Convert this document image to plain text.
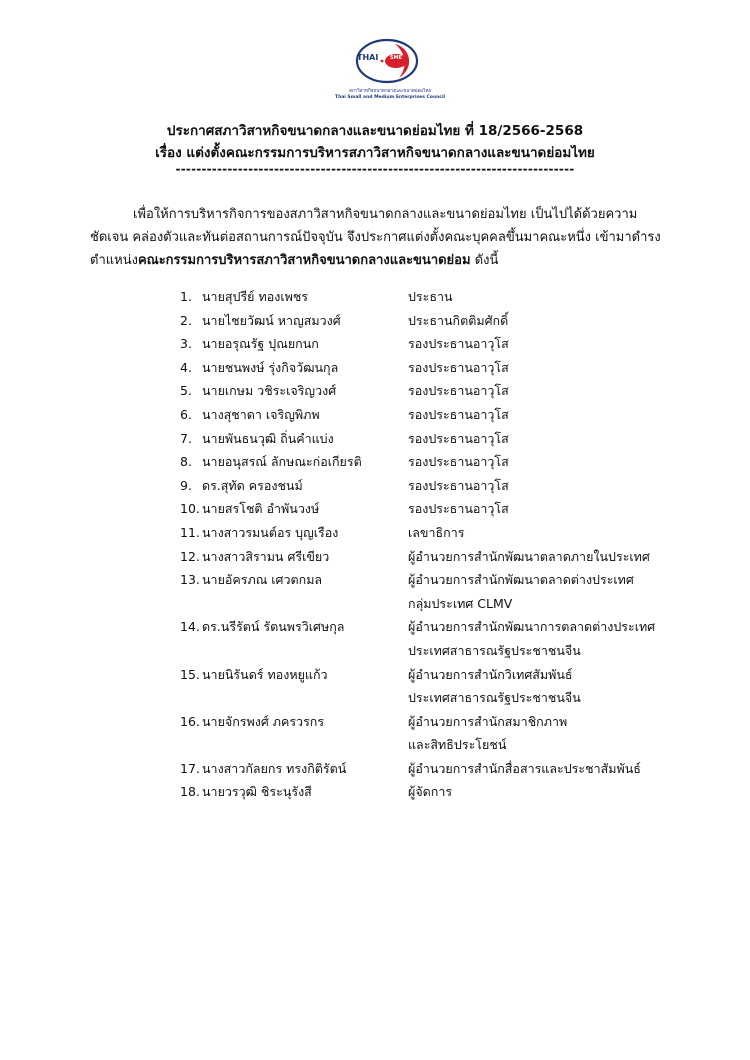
THAI SME
สภาวิสาหกิจขนาดกลางและขนาดย่อมไทย
Thai Small and Medium Enterprises Council
ประกาศสภาวิสาหกิจขนาดกลางและขนาดย่อมไทย ที่ 18/2566-2568
เรื่อง แต่งตั้งคณะกรรมการบริหารสภาวิสาหกิจขนาดกลางและขนาดย่อมไทย
-----------------------------------------------------------------------------
เพื่อให้การบริหารกิจการของสภาวิสาหกิจขนาดกลางและขนาดย่อมไทย เป็นไปได้ด้วยความ
ชัดเจน คล่องตัวและทันต่อสถานการณ์ปัจจุบัน จึงประกาศแต่งตั้งคณะบุคคลขึ้นมาคณะหนึ่ง เข้ามาดำรง
ตำแหน่งคณะกรรมการบริหารสภาวิสาหกิจขนาดกลางและขนาดย่อม ดังนี้
1. นายสุปรีย์ ทองเพชร	ประธาน
2. นายไชยวัฒน์ หาญสมวงศ์	ประธานกิตติมศักดิ์
3. นายอรุณรัฐ ปุณยกนก	รองประธานอาวุโส
4. นายชนพงษ์ รุ่งกิจวัฒนกุล	รองประธานอาวุโส
5. นายเกษม วชิระเจริญวงศ์	รองประธานอาวุโส
6. นางสุชาดา เจริญพิภพ	รองประธานอาวุโส
7. นายพันธนวุฒิ ถิ่นคำแบ่ง	รองประธานอาวุโส
8. นายอนุสรณ์ ลักษณะก่อเกียรติ	รองประธานอาวุโส
9. ดร.สุทัด ครองชนม์	รองประธานอาวุโส
10. นายสรโชติ อำพันวงษ์	รองประธานอาวุโส
11. นางสาวรมนต์อร บุญเรือง	เลขาธิการ
12. นางสาวสิรามน ศรีเขียว	ผู้อำนวยการสำนักพัฒนาตลาดภายในประเทศ
13. นายอัครภณ เศวตกมล	ผู้อำนวยการสำนักพัฒนาตลาดต่างประเทศ
กลุ่มประเทศ CLMV
14. ดร.นรีรัตน์ รัตนพรวิเศษกุล	ผู้อำนวยการสำนักพัฒนาการตลาดต่างประเทศ
ประเทศสาธารณรัฐประชาชนจีน
15. นายนิรันดร์ ทองหยูแก้ว	ผู้อำนวยการสำนักวิเทศสัมพันธ์
ประเทศสาธารณรัฐประชาชนจีน
16. นายจักรพงศ์ ภครวรกร	ผู้อำนวยการสำนักสมาชิกภาพ
และสิทธิประโยชน์
17. นางสาวกัลยกร ทรงกิติรัตน์	ผู้อำนวยการสำนักสื่อสารและประชาสัมพันธ์
18. นายวรวุฒิ ชิระนุรังสี	ผู้จัดการ
